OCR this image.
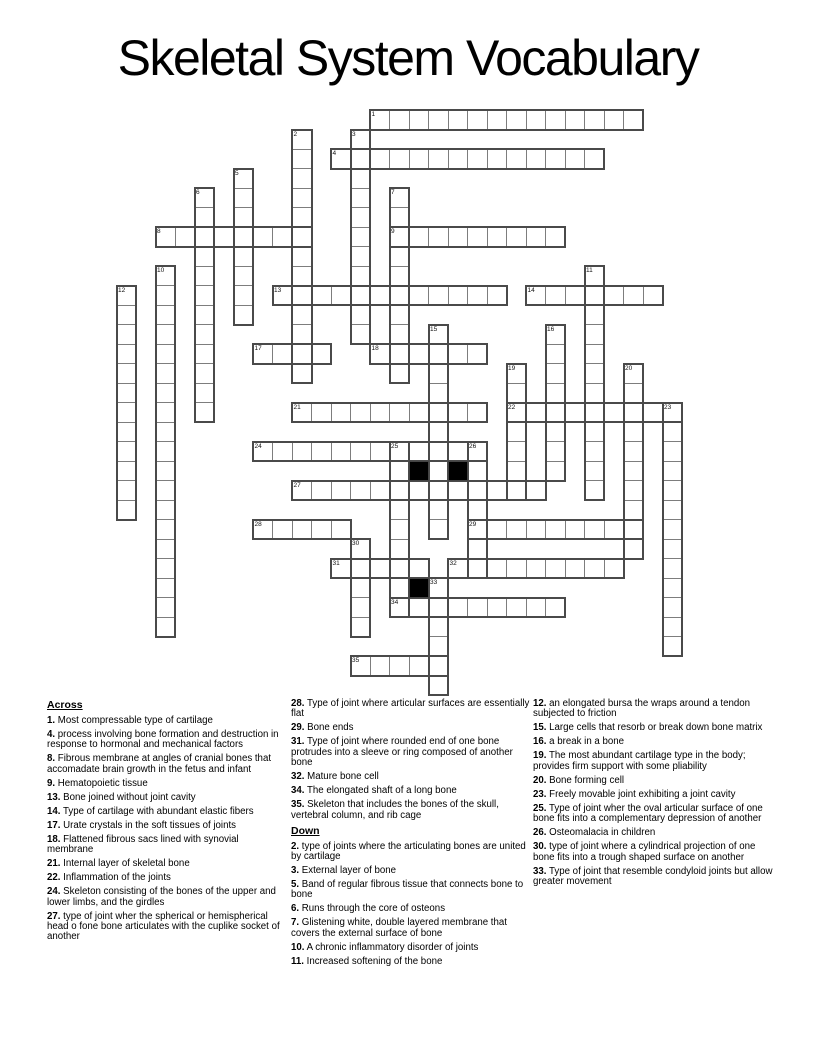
Skeletal System Vocabulary
1
2	3
4
5
6	7
8	9
10	11
12	13	14
15	16
17	18
19	20
21	22	23
24	25	26
27
28	29
30
31	32
33
34
35
Across
1. Most compressable type of cartilage
4. process involving bone formation and destruction in response to hormonal and mechanical factors
8. Fibrous membrane at angles of cranial bones that accomadate brain growth in the fetus and infant
9. Hematopoietic tissue
13. Bone joined without joint cavity
14. Type of cartilage with abundant elastic fibers
17. Urate crystals in the soft tissues of joints
18. Flattened fibrous sacs lined with synovial membrane
21. Internal layer of skeletal bone
22. Inflammation of the joints
24. Skeleton consisting of the bones of the upper and lower limbs, and the girdles
27. type of joint wher the spherical or hemispherical head o fone bone articulates with the cuplike socket of another
28. Type of joint where articular surfaces are essentially flat
29. Bone ends
31. Type of joint where rounded end of one bone protrudes into a sleeve or ring composed of another bone
32. Mature bone cell
34. The elongated shaft of a long bone
35. Skeleton that includes the bones of the skull, vertebral column, and rib cage
Down
2. type of joints where the articulating bones are united by cartilage
3. External layer of bone
5. Band of regular fibrous tissue that connects bone to bone
6. Runs through the core of osteons
7. Glistening white, double layered membrane that covers the external surface of bone
10. A chronic inflammatory disorder of joints
11. Increased softening of the bone
12. an elongated bursa the wraps around a tendon subjected to friction
15. Large cells that resorb or break down bone matrix
16. a break in a bone
19. The most abundant cartilage type in the body; provides firm support with some pliability
20. Bone forming cell
23. Freely movable joint exhibiting a joint cavity
25. Type of joint wher the oval articular surface of one bone fits into a complementary depression of another
26. Osteomalacia in children
30. type of joint where a cylindrical projection of one bone fits into a trough shaped surface on another
33. Type of joint that resemble condyloid joints but allow greater movement
